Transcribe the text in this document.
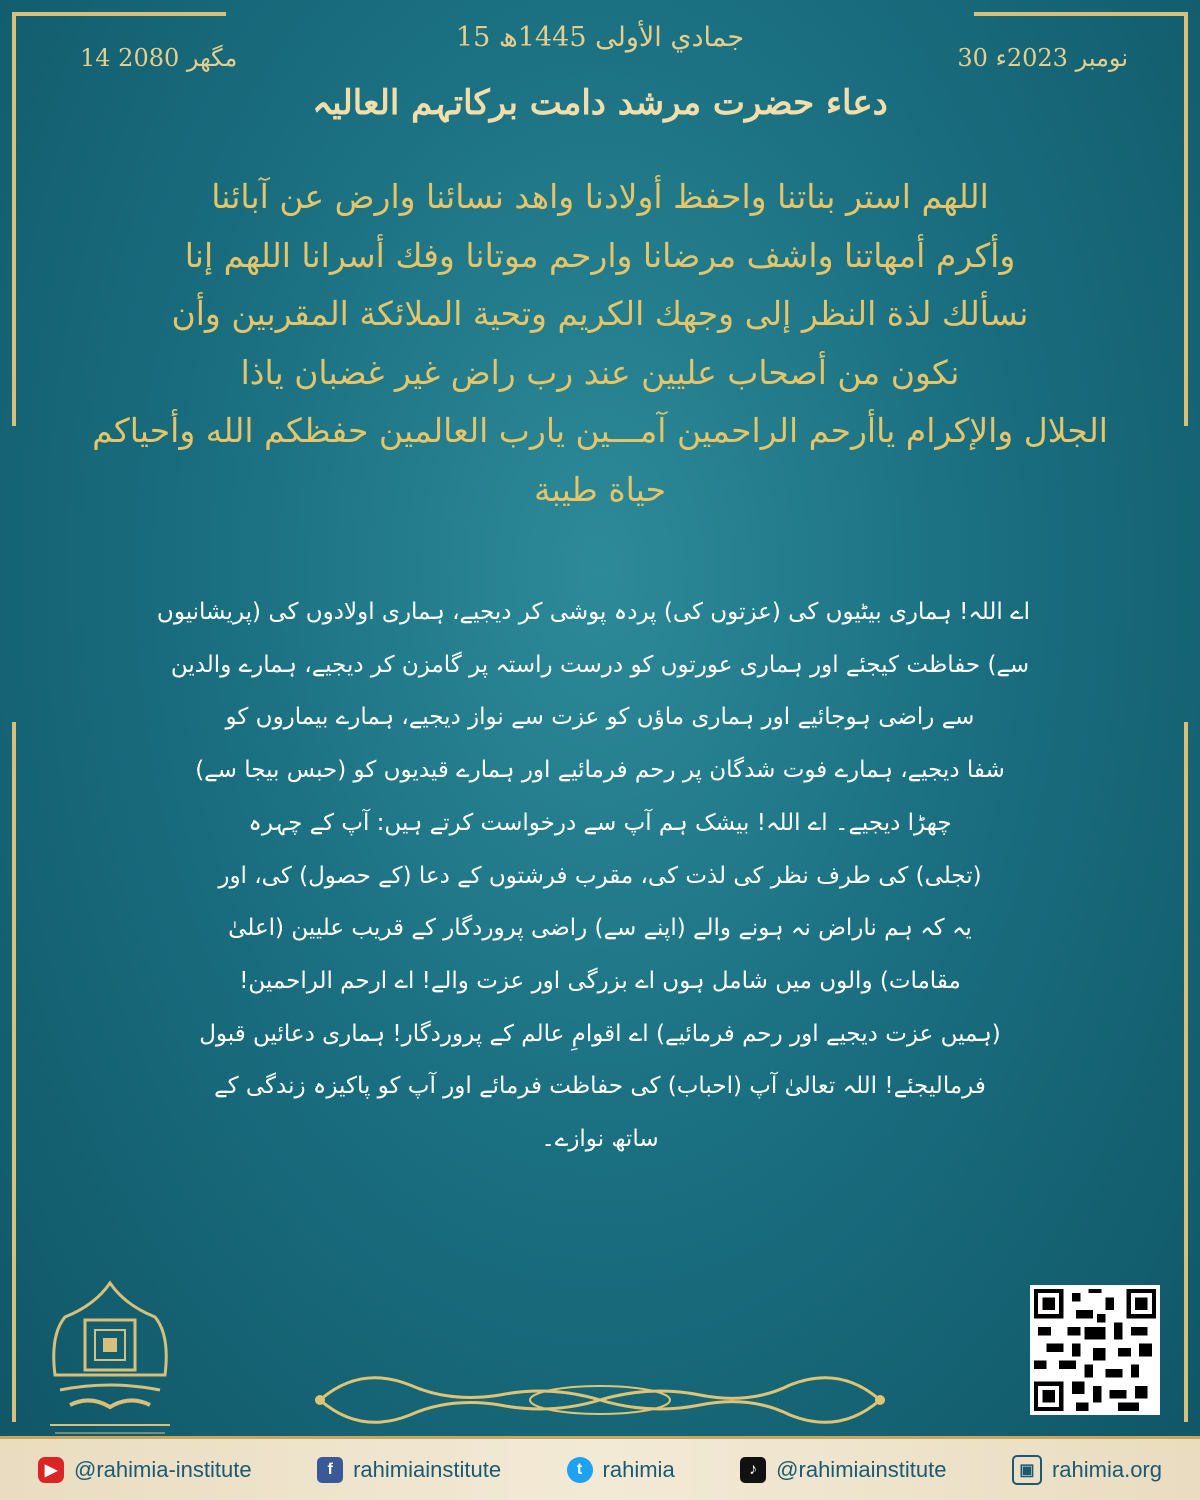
15 جمادي الأولى 1445ھ
14 مگھر 2080	30 نومبر 2023ء
دعاء حضرت مرشد دامت برکاتہم العالیہ
اللهم استر بناتنا واحفظ أولادنا واهد نسائنا وارض عن آبائنا
وأكرم أمهاتنا واشف مرضانا وارحم موتانا وفك أسرانا اللهم إنا
نسألك لذة النظر إلى وجهك الكريم وتحية الملائكة المقربين وأن
نكون من أصحاب عليين عند رب راض غير غضبان ياذا
الجلال والإكرام ياأرحم الراحمين آمـــين يارب العالمين حفظكم الله وأحياكم
حياة طيبة
اے اللہ! ہماری بیٹیوں کی (عزتوں کی) پردہ پوشی کر دیجیے، ہماری اولادوں کی (پریشانیوں
سے) حفاظت کیجئے اور ہماری عورتوں کو درست راستہ پر گامزن کر دیجیے، ہمارے والدین
سے راضی ہوجائیے اور ہماری ماؤں کو عزت سے نواز دیجیے، ہمارے بیماروں کو
شفا دیجیے، ہمارے فوت شدگان پر رحم فرمائیے اور ہمارے قیدیوں کو (حبس بیجا سے)
چھڑا دیجیے۔ اے اللہ! بیشک ہم آپ سے درخواست کرتے ہیں: آپ کے چہرہ
(تجلی) کی طرف نظر کی لذت کی، مقرب فرشتوں کے دعا (کے حصول) کی، اور
یہ کہ ہم ناراض نہ ہونے والے (اپنے سے) راضی پروردگار کے قریب علیین (اعلیٰ
مقامات) والوں میں شامل ہوں اے بزرگی اور عزت والے! اے ارحم الراحمین!
(ہمیں عزت دیجیے اور رحم فرمائیے) اے اقوامِ عالم کے پروردگار! ہماری دعائیں قبول
فرمالیجئے! اللہ تعالیٰ آپ (احباب) کی حفاظت فرمائے اور آپ کو پاکیزہ زندگی کے
ساتھ نوازے۔
▶ @rahimia-institute	f rahimiainstitute	t rahimia	♪ @rahimiainstitute	▣ rahimia.org
